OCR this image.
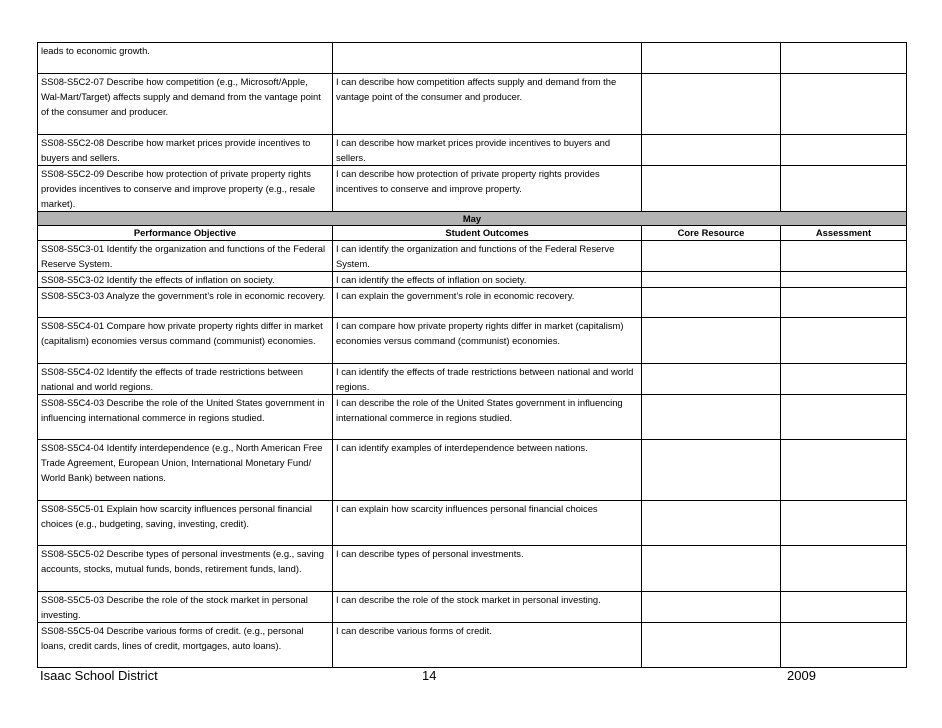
leads to economic growth.			
SS08-S5C2-07 Describe how competition (e.g., Microsoft/Apple, Wal-Mart/Target) affects supply and demand from the vantage point of the consumer and producer.	I can describe how competition affects supply and demand from the vantage point of the consumer and producer.		
SS08-S5C2-08 Describe how market prices provide incentives to buyers and sellers.	I can describe how market prices provide incentives to buyers and sellers.		
SS08-S5C2-09 Describe how protection of private property rights provides incentives to conserve and improve property (e.g., resale market).	I can describe how protection of private property rights provides incentives to conserve and improve property.		
May			
Performance Objective	Student Outcomes	Core Resource	Assessment
SS08-S5C3-01 Identify the organization and functions of the Federal Reserve System.	I can identify the organization and functions of the Federal Reserve System.		
SS08-S5C3-02 Identify the effects of inflation on society.	I can identify the effects of inflation on society.		
SS08-S5C3-03 Analyze the government’s role in economic recovery.	I can explain the government’s role in economic recovery.		
SS08-S5C4-01 Compare how private property rights differ in market (capitalism) economies versus command (communist) economies.	I can compare how private property rights differ in market (capitalism) economies versus command (communist) economies.		
SS08-S5C4-02 Identify the effects of trade restrictions between national and world regions.	I can identify the effects of trade restrictions between national and world regions.		
SS08-S5C4-03 Describe the role of the United States government in influencing international commerce in regions studied.	I can describe the role of the United States government in influencing international commerce in regions studied.		
SS08-S5C4-04 Identify interdependence (e.g., North American Free Trade Agreement, European Union, International Monetary Fund/ World Bank) between nations.	I can identify examples of interdependence between nations.		
SS08-S5C5-01 Explain how scarcity influences personal financial choices (e.g., budgeting, saving, investing, credit).	I can explain how scarcity influences personal financial choices		
SS08-S5C5-02 Describe types of personal investments (e.g., saving accounts, stocks, mutual funds, bonds, retirement funds, land).	I can describe types of personal investments.		
SS08-S5C5-03 Describe the role of the stock market in personal investing.	I can describe the role of the stock market in personal investing.		
SS08-S5C5-04 Describe various forms of credit. (e.g., personal loans, credit cards, lines of credit, mortgages, auto loans).	I can describe various forms of credit.		
Isaac School District	14	2009
